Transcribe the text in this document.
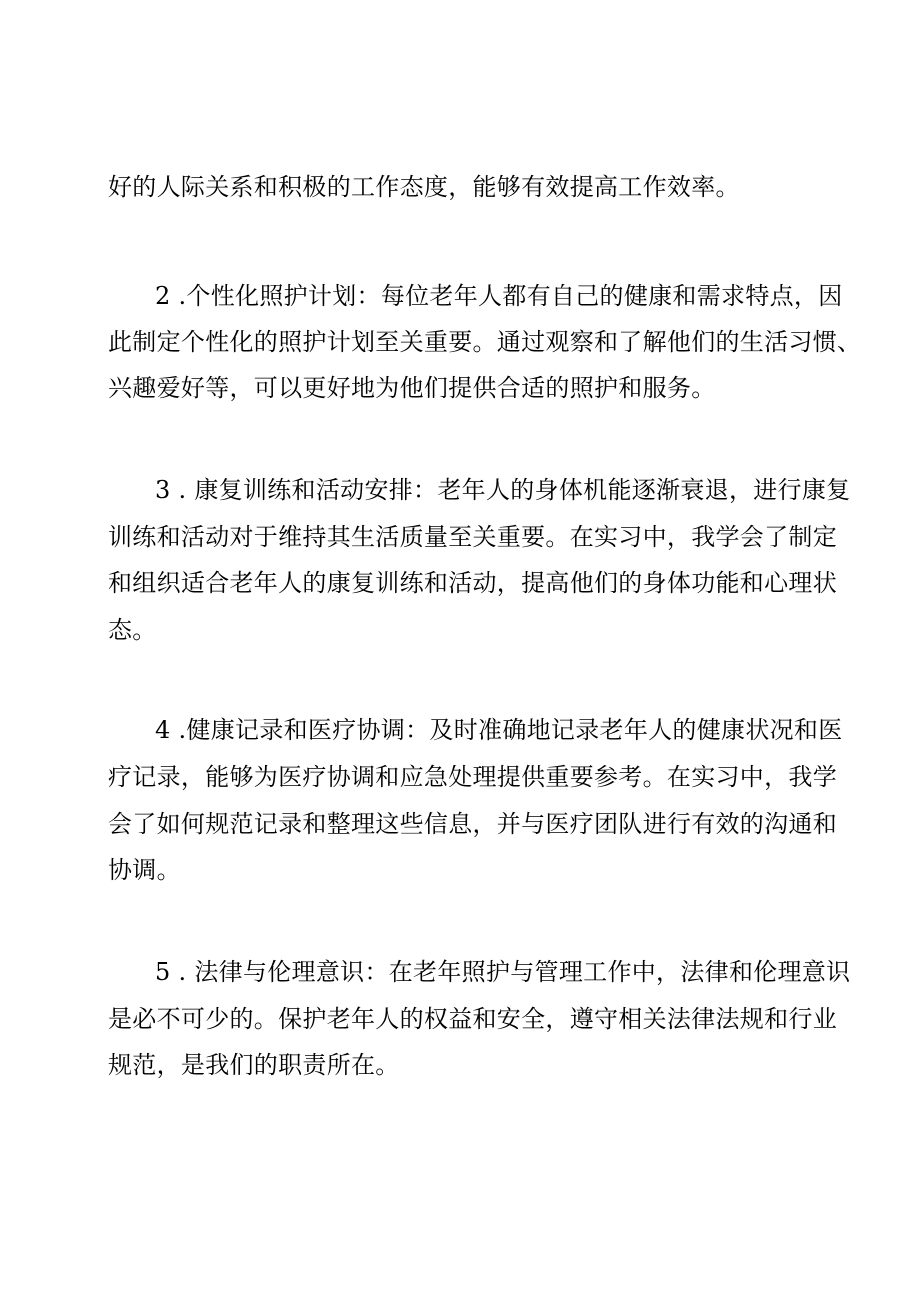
好的人际关系和积极的工作态度，能够有效提高工作效率。
2 .个性化照护计划：每位老年人都有自己的健康和需求特点，因
此制定个性化的照护计划至关重要。通过观察和了解他们的生活习惯、
兴趣爱好等，可以更好地为他们提供合适的照护和服务。
3 . 康复训练和活动安排：老年人的身体机能逐渐衰退，进行康复
训练和活动对于维持其生活质量至关重要。在实习中，我学会了制定
和组织适合老年人的康复训练和活动，提高他们的身体功能和心理状
态。
4 .健康记录和医疗协调：及时准确地记录老年人的健康状况和医
疗记录，能够为医疗协调和应急处理提供重要参考。在实习中，我学
会了如何规范记录和整理这些信息，并与医疗团队进行有效的沟通和
协调。
5 . 法律与伦理意识：在老年照护与管理工作中，法律和伦理意识
是必不可少的。保护老年人的权益和安全，遵守相关法律法规和行业
规范，是我们的职责所在。
